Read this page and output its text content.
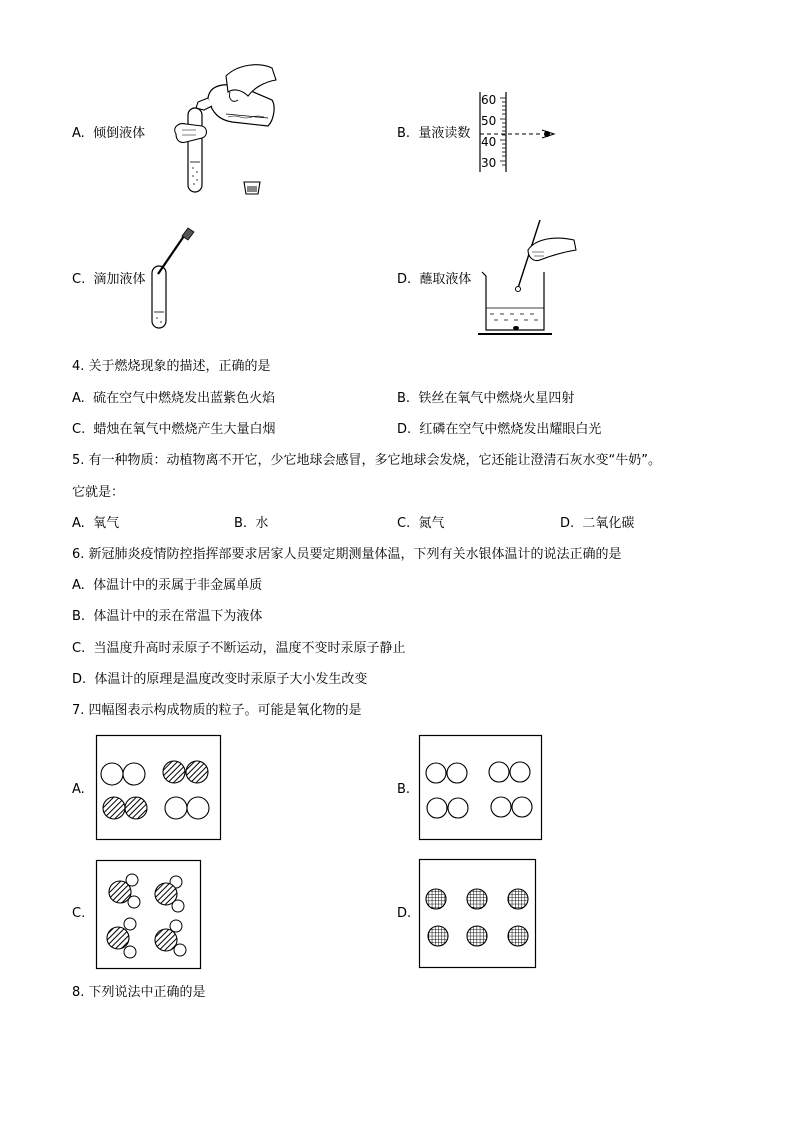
A. 倾倒液体	B. 量液读数
60
50
40
30
C. 滴加液体	D. 蘸取液体
4. 关于燃烧现象的描述，正确的是
A. 硫在空气中燃烧发出蓝紫色火焰	B. 铁丝在氧气中燃烧火星四射
C. 蜡烛在氧气中燃烧产生大量白烟	D. 红磷在空气中燃烧发出耀眼白光
5. 有一种物质：动植物离不开它，少它地球会感冒，多它地球会发烧，它还能让澄清石灰水变“牛奶”。
它就是：
A. 氧气	B. 水	C. 氮气	D. 二氧化碳
6. 新冠肺炎疫情防控指挥部要求居家人员要定期测量体温，下列有关水银体温计的说法正确的是
A. 体温计中的汞属于非金属单质
B. 体温计中的汞在常温下为液体
C. 当温度升高时汞原子不断运动，温度不变时汞原子静止
D. 体温计的原理是温度改变时汞原子大小发生改变
7. 四幅图表示构成物质的粒子。可能是氧化物的是
A.	B.
C.	D.
8. 下列说法中正确的是
